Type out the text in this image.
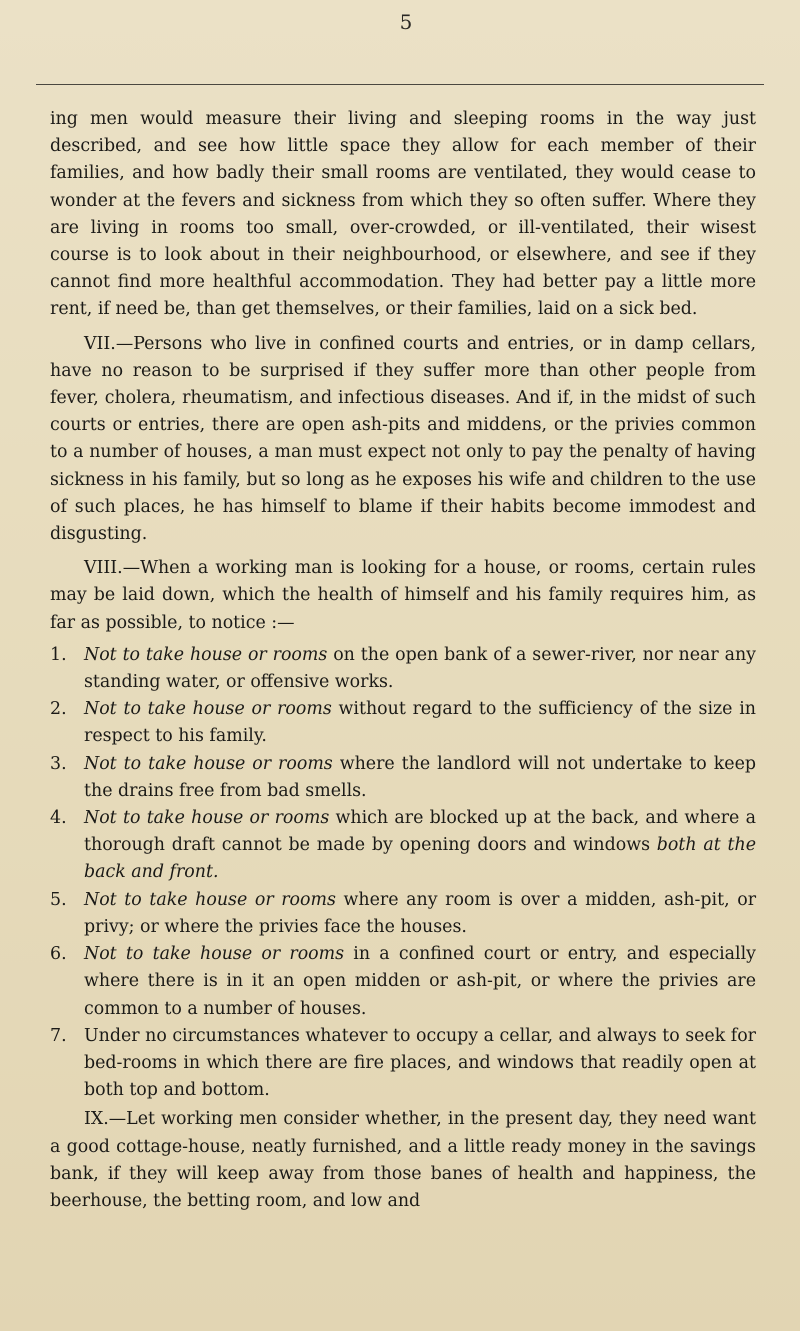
5

ing men would measure their living and sleeping rooms in the way just described, and see how little space they allow for each member of their families, and how badly their small rooms are ventilated, they would cease to wonder at the fevers and sickness from which they so often suffer. Where they are living in rooms too small, over-crowded, or ill-ventilated, their wisest course is to look about in their neighbourhood, or elsewhere, and see if they cannot find more healthful accommodation. They had better pay a little more rent, if need be, than get themselves, or their families, laid on a sick bed.

VII.—Persons who live in confined courts and entries, or in damp cellars, have no reason to be surprised if they suffer more than other people from fever, cholera, rheumatism, and infectious diseases. And if, in the midst of such courts or entries, there are open ash-pits and middens, or the privies common to a number of houses, a man must expect not only to pay the penalty of having sickness in his family, but so long as he exposes his wife and children to the use of such places, he has himself to blame if their habits become immodest and disgusting.

VIII.—When a working man is looking for a house, or rooms, certain rules may be laid down, which the health of himself and his family requires him, as far as possible, to notice :—

1.	Not to take house or rooms on the open bank of a sewer-river, nor near any standing water, or offensive works.
2.	Not to take house or rooms without regard to the sufficiency of the size in respect to his family.
3.	Not to take house or rooms where the landlord will not undertake to keep the drains free from bad smells.
4.	Not to take house or rooms which are blocked up at the back, and where a thorough draft cannot be made by opening doors and windows both at the back and front.
5.	Not to take house or rooms where any room is over a midden, ash-pit, or privy; or where the privies face the houses.
6.	Not to take house or rooms in a confined court or entry, and especially where there is in it an open midden or ash-pit, or where the privies are common to a number of houses.
7.	Under no circumstances whatever to occupy a cellar, and always to seek for bed-rooms in which there are fire places, and windows that readily open at both top and bottom.

IX.—Let working men consider whether, in the present day, they need want a good cottage-house, neatly furnished, and a little ready money in the savings bank, if they will keep away from those banes of health and happiness, the beerhouse, the betting room, and low and
